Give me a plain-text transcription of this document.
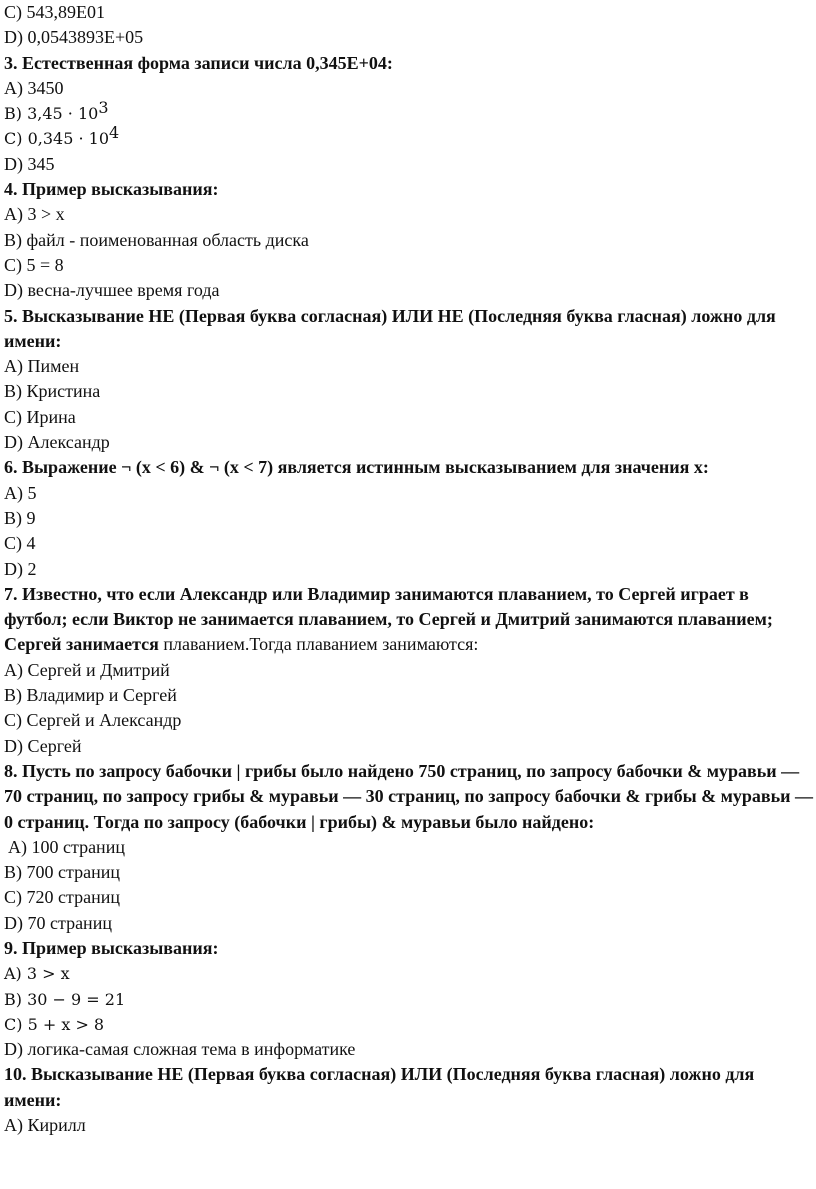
C) 543,89E01
D) 0,0543893E+05
3. Естественная форма записи числа 0,345E+04:
A) 3450
B) $3,45 \cdot 10^3$
C) $0,345 \cdot 10^4$
D) 345
4. Пример высказывания:
A) 3 > x
B) файл - поименованная область диска
C) 5 = 8
D) весна-лучшее время года
5. Высказывание НЕ (Первая буква согласная) ИЛИ НЕ (Последняя буква гласная) ложно для имени:
A) Пимен
B) Кристина
C) Ирина
D) Александр
6. Выражение ¬ (x < 6) & ¬ (x < 7) является истинным высказыванием для значения x:
A) 5
B) 9
C) 4
D) 2
7. Известно, что если Александр или Владимир занимаются плаванием, то Сергей играет в футбол; если Виктор не занимается плаванием, то Сергей и Дмитрий занимаются плаванием; Сергей занимается плаванием.Тогда плаванием занимаются:
A) Сергей и Дмитрий
B) Владимир и Сергей
C) Сергей и Александр
D) Сергей
8. Пусть по запросу бабочки | грибы было найдено 750 страниц, по запросу бабочки & муравьи — 70 страниц, по запросу грибы & муравьи — 30 страниц, по запросу бабочки & грибы & муравьи — 0 страниц. Тогда по запросу (бабочки | грибы) & муравьи было найдено:
A) 100 страниц
B) 700 страниц
C) 720 страниц
D) 70 страниц
9. Пример высказывания:
A) 3 > x
B) 30 − 9 = 21
C) 5 + x > 8
D) логика-самая сложная тема в информатике
10. Высказывание НЕ (Первая буква согласная) ИЛИ (Последняя буква гласная) ложно для имени:
A) Кирилл
